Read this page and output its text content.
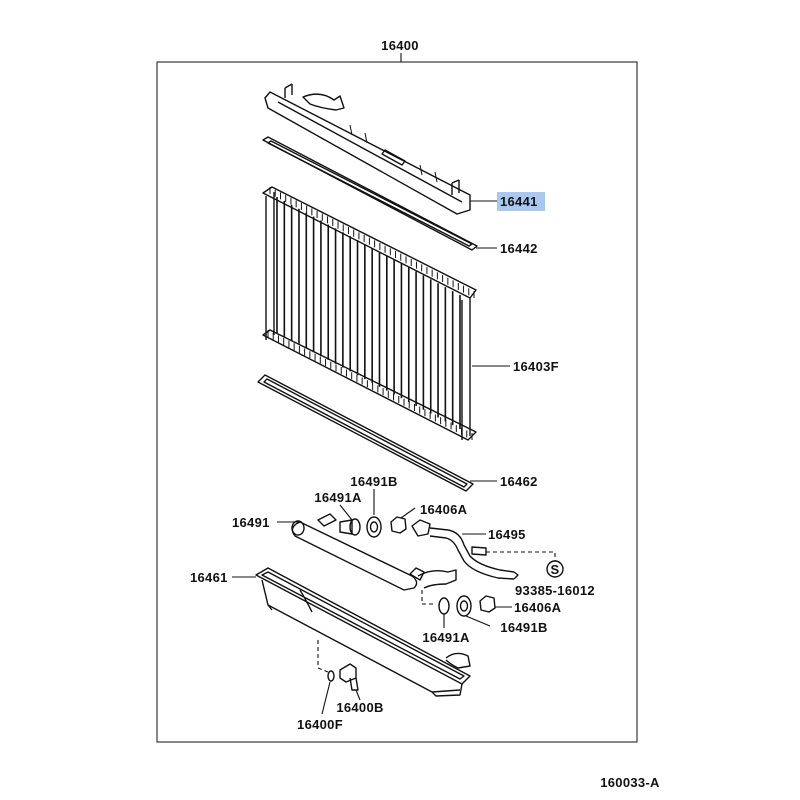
S
16400
16441
16442
16403F
16462
16491B
16491A
16491
16406A
16495
93385-16012
16461
16406A
16491A
16491B
16400B
16400F
160033-A
